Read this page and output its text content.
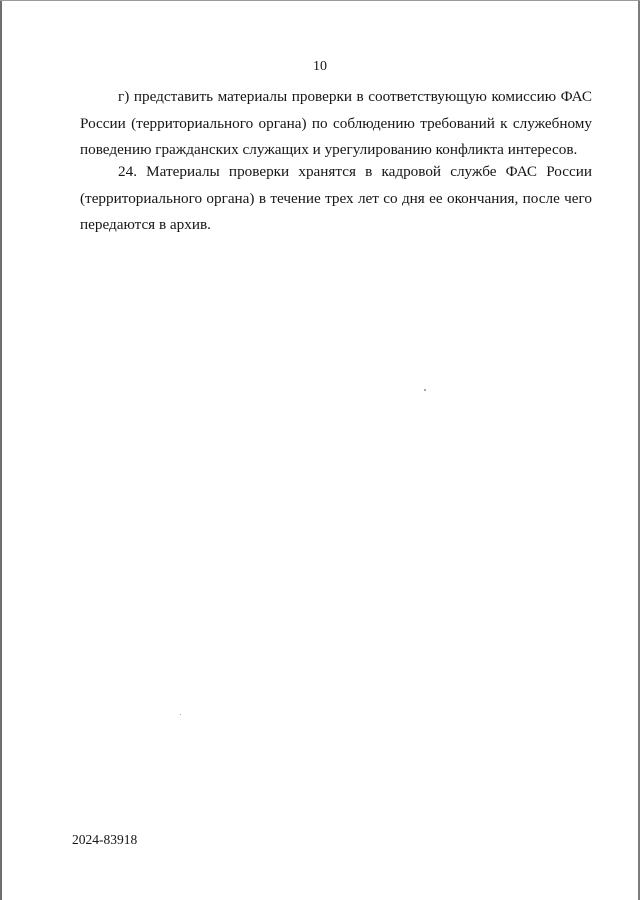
10

г) представить материалы проверки в соответствующую комиссию ФАС России (территориального органа) по соблюдению требований к служебному поведению гражданских служащих и урегулированию конфликта интересов.

24. Материалы проверки хранятся в кадровой службе ФАС России (территориального органа) в течение трех лет со дня ее окончания, после чего передаются в архив.

2024-83918
